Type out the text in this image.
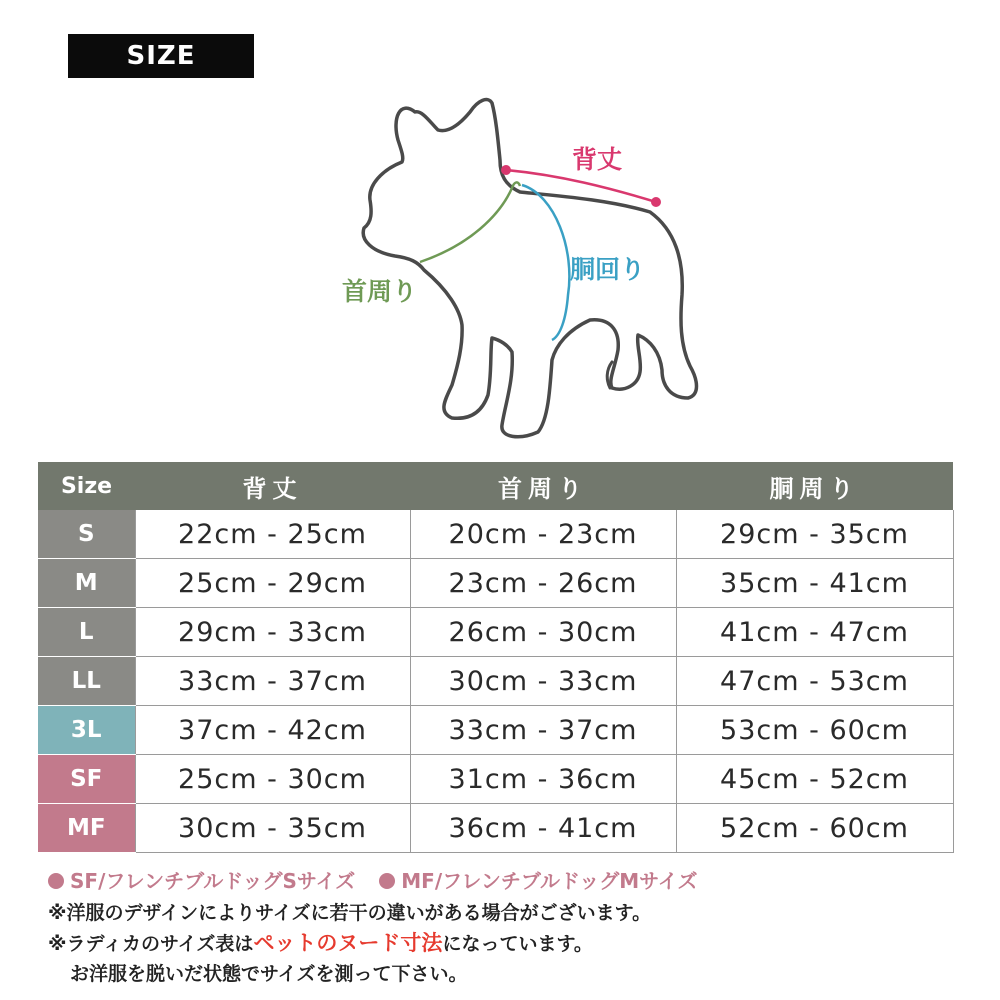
SIZE
背丈
胴回り
首周り
Size	背丈	首周り	胴周り
S	22cm - 25cm	20cm - 23cm	29cm - 35cm
M	25cm - 29cm	23cm - 26cm	35cm - 41cm
L	29cm - 33cm	26cm - 30cm	41cm - 47cm
LL	33cm - 37cm	30cm - 33cm	47cm - 53cm
3L	37cm - 42cm	33cm - 37cm	53cm - 60cm
SF	25cm - 30cm	31cm - 36cm	45cm - 52cm
MF	30cm - 35cm	36cm - 41cm	52cm - 60cm
SF/フレンチブルドッグSサイズ	MF/フレンチブルドッグMサイズ
※洋服のデザインによりサイズに若干の違いがある場合がございます。
※ラディカのサイズ表はペットのヌード寸法になっています。
お洋服を脱いだ状態でサイズを測って下さい。
